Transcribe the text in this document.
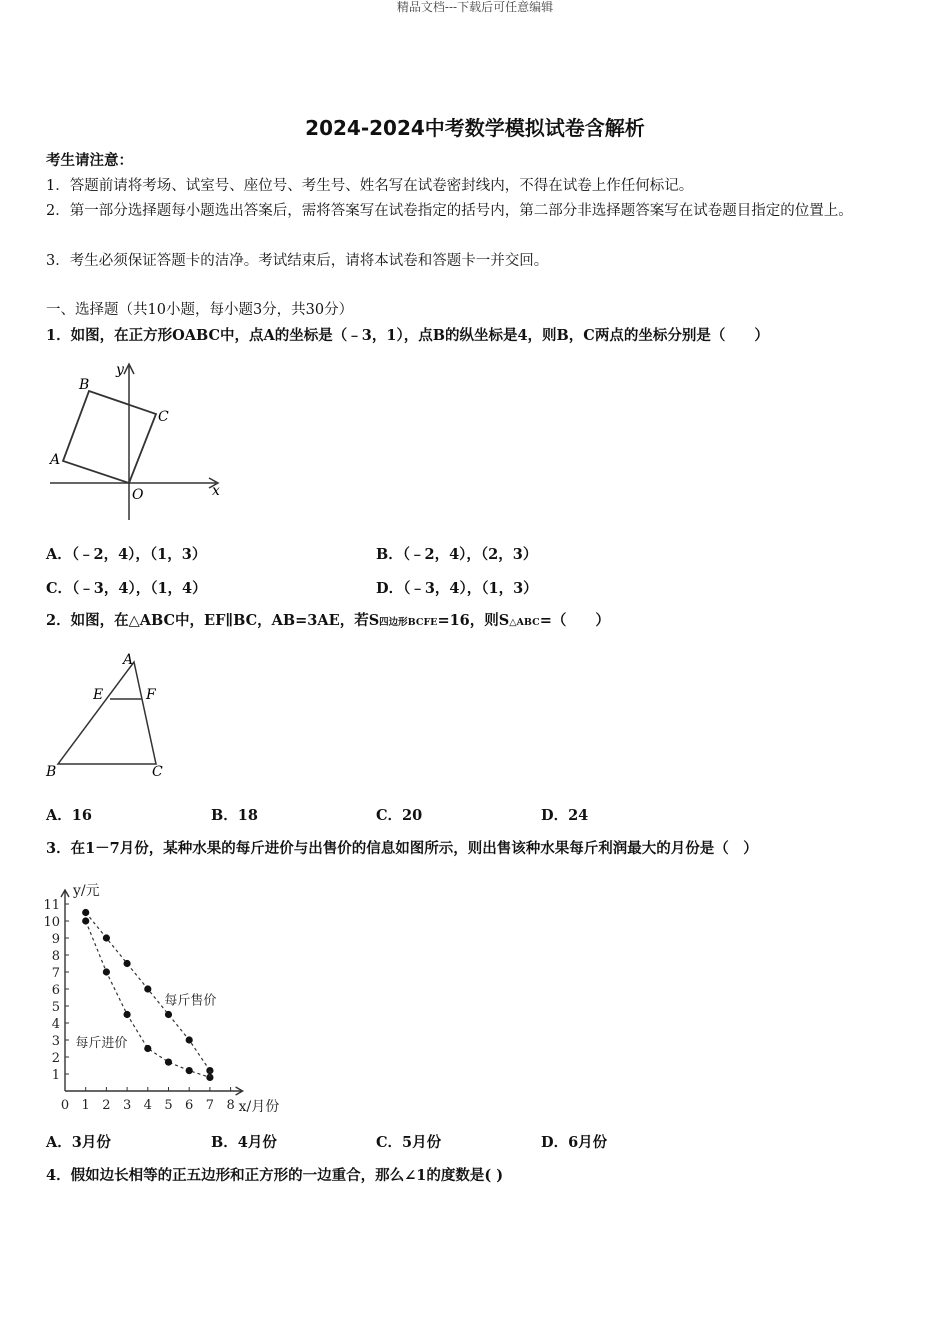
精品文档---下载后可任意编辑
2024-2024中考数学模拟试卷含解析
考生请注意：
1．答题前请将考场、试室号、座位号、考生号、姓名写在试卷密封线内，不得在试卷上作任何标记。
2．第一部分选择题每小题选出答案后，需将答案写在试卷指定的括号内，第二部分非选择题答案写在试卷题目指定的位置上。
3．考生必须保证答题卡的洁净。考试结束后，请将本试卷和答题卡一并交回。
一、选择题（共10小题，每小题3分，共30分）
1．如图，在正方形OABC中，点A的坐标是（﹣3，1），点B的纵坐标是4，则B，C两点的坐标分别是（　　）
y
x
A
B
C
O
A．（﹣2，4），（1，3）	B．（﹣2，4），（2，3）
C．（﹣3，4），（1，4）	D．（﹣3，4），（1，3）
2．如图，在△ABC中，EF∥BC，AB=3AE，若S四边形BCFE=16，则S△ABC=（　　）
A
E	F
B	C
A．16	B．18	C．20	D．24
3．在1－7月份，某种水果的每斤进价与出售价的信息如图所示，则出售该种水果每斤利润最大的月份是（　）
0 1 2 3 4 5 6 7 8
1
2
3
4
5
6
7
8
9
10
11
y/元
x/月份
每斤售价
每斤进价
A．3月份	B．4月份	C．5月份	D．6月份
4．假如边长相等的正五边形和正方形的一边重合，那么∠1的度数是( )
